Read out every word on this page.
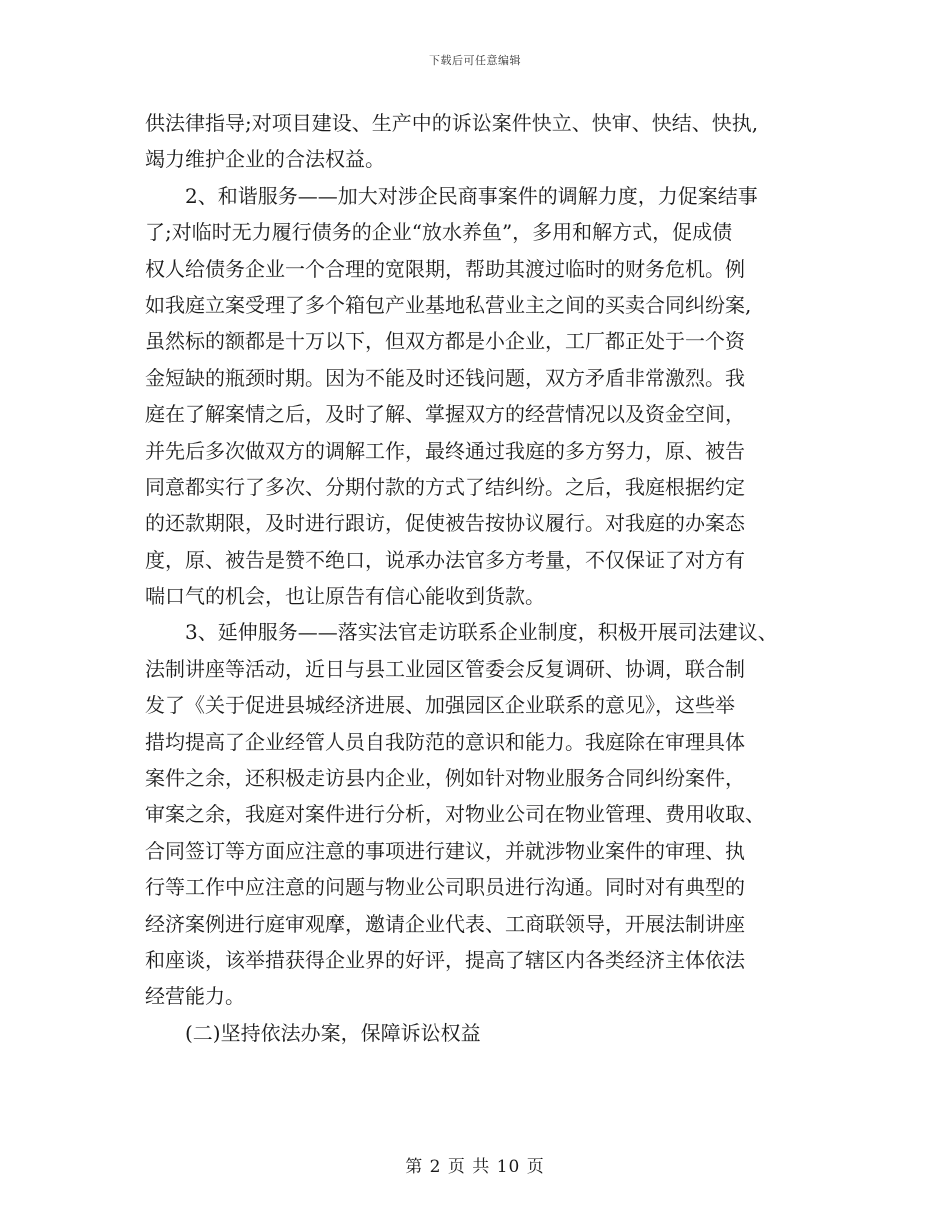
下载后可任意编辑
供法律指导;对项目建设、生产中的诉讼案件快立、快审、快结、快执,
竭力维护企业的合法权益。
2、和谐服务——加大对涉企民商事案件的调解力度，力促案结事
了;对临时无力履行债务的企业“放水养鱼”，多用和解方式，促成债
权人给债务企业一个合理的宽限期，帮助其渡过临时的财务危机。例
如我庭立案受理了多个箱包产业基地私营业主之间的买卖合同纠纷案,
虽然标的额都是十万以下，但双方都是小企业，工厂都正处于一个资
金短缺的瓶颈时期。因为不能及时还钱问题，双方矛盾非常激烈。我
庭在了解案情之后，及时了解、掌握双方的经营情况以及资金空间，
并先后多次做双方的调解工作，最终通过我庭的多方努力，原、被告
同意都实行了多次、分期付款的方式了结纠纷。之后，我庭根据约定
的还款期限，及时进行跟访，促使被告按协议履行。对我庭的办案态
度，原、被告是赞不绝口，说承办法官多方考量，不仅保证了对方有
喘口气的机会，也让原告有信心能收到货款。
3、延伸服务——落实法官走访联系企业制度，积极开展司法建议、
法制讲座等活动，近日与县工业园区管委会反复调研、协调，联合制
发了《关于促进县城经济进展、加强园区企业联系的意见》，这些举
措均提高了企业经管人员自我防范的意识和能力。我庭除在审理具体
案件之余，还积极走访县内企业，例如针对物业服务合同纠纷案件，
审案之余，我庭对案件进行分析，对物业公司在物业管理、费用收取、
合同签订等方面应注意的事项进行建议，并就涉物业案件的审理、执
行等工作中应注意的问题与物业公司职员进行沟通。同时对有典型的
经济案例进行庭审观摩，邀请企业代表、工商联领导，开展法制讲座
和座谈，该举措获得企业界的好评，提高了辖区内各类经济主体依法
经营能力。
(二)坚持依法办案，保障诉讼权益
第 2 页 共 10 页
